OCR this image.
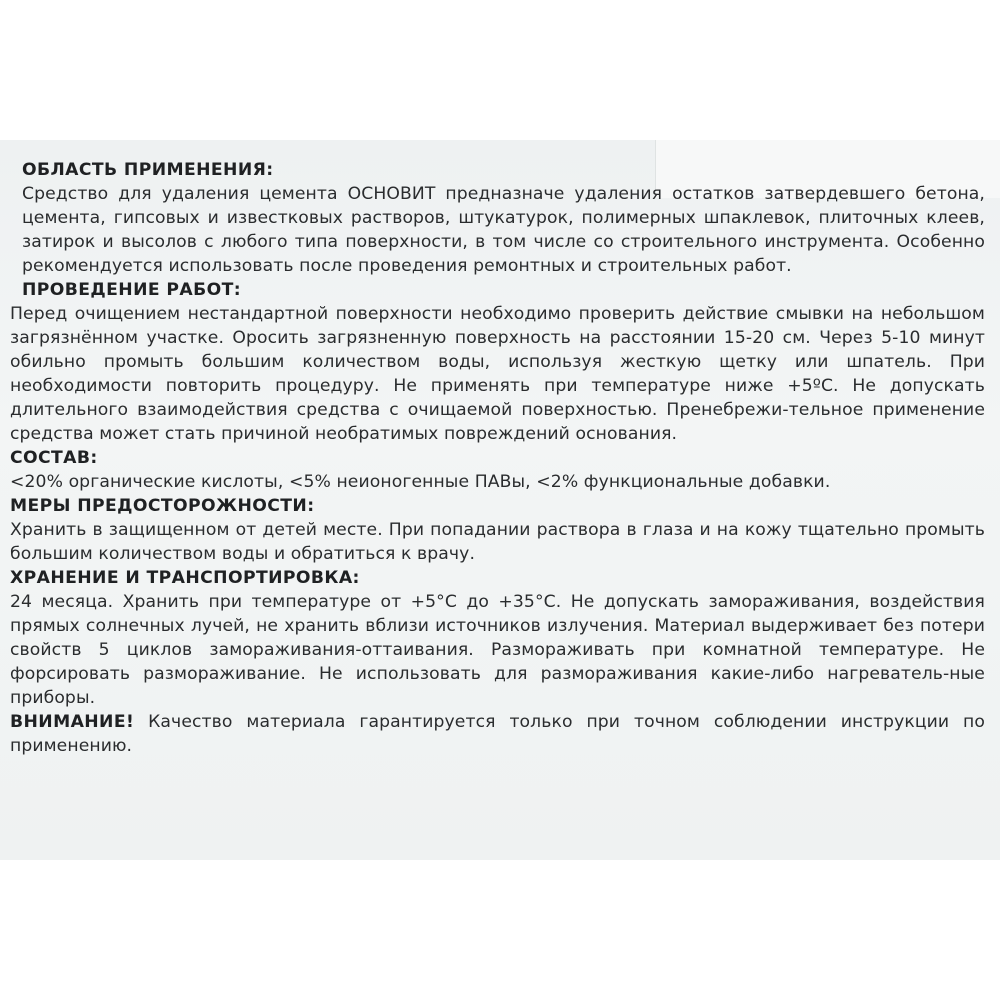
ОБЛАСТЬ ПРИМЕНЕНИЯ:

Средство для удаления цемента ОСНОВИТ предназначе удаления остатков затвердевшего бетона, цемента, гипсовых и известковых растворов, штукатурок, полимерных шпаклевок, плиточных клеев, затирок и высолов с любого типа поверхности, в том числе со строительного инструмента. Особенно рекомендуется использовать после проведения ремонтных и строительных работ.

ПРОВЕДЕНИЕ РАБОТ:

Перед очищением нестандартной поверхности необходимо проверить действие смывки на небольшом загрязнённом участке. Оросить загрязненную поверхность на расстоянии 15-20 см. Через 5-10 минут обильно промыть большим количеством воды, используя жесткую щетку или шпатель. При необходимости повторить процедуру. Не применять при температуре ниже +5ºС. Не допускать длительного взаимодействия средства с очищаемой поверхностью. Пренебрежи-тельное применение средства может стать причиной необратимых повреждений основания.

СОСТАВ:

<20% органические кислоты, <5% неионогенные ПАВы, <2% функциональные добавки.

МЕРЫ ПРЕДОСТОРОЖНОСТИ:

Хранить в защищенном от детей месте. При попадании раствора в глаза и на кожу тщательно промыть большим количеством воды и обратиться к врачу.

ХРАНЕНИЕ И ТРАНСПОРТИРОВКА:

24 месяца. Хранить при температуре от +5°С до +35°С. Не допускать замораживания, воздействия прямых солнечных лучей, не хранить вблизи источников излучения. Материал выдерживает без потери свойств 5 циклов замораживания-оттаивания. Размораживать при комнатной температуре. Не форсировать размораживание. Не использовать для размораживания какие-либо нагреватель-ные приборы.

ВНИМАНИЕ! Качество материала гарантируется только при точном соблюдении инструкции по применению.
